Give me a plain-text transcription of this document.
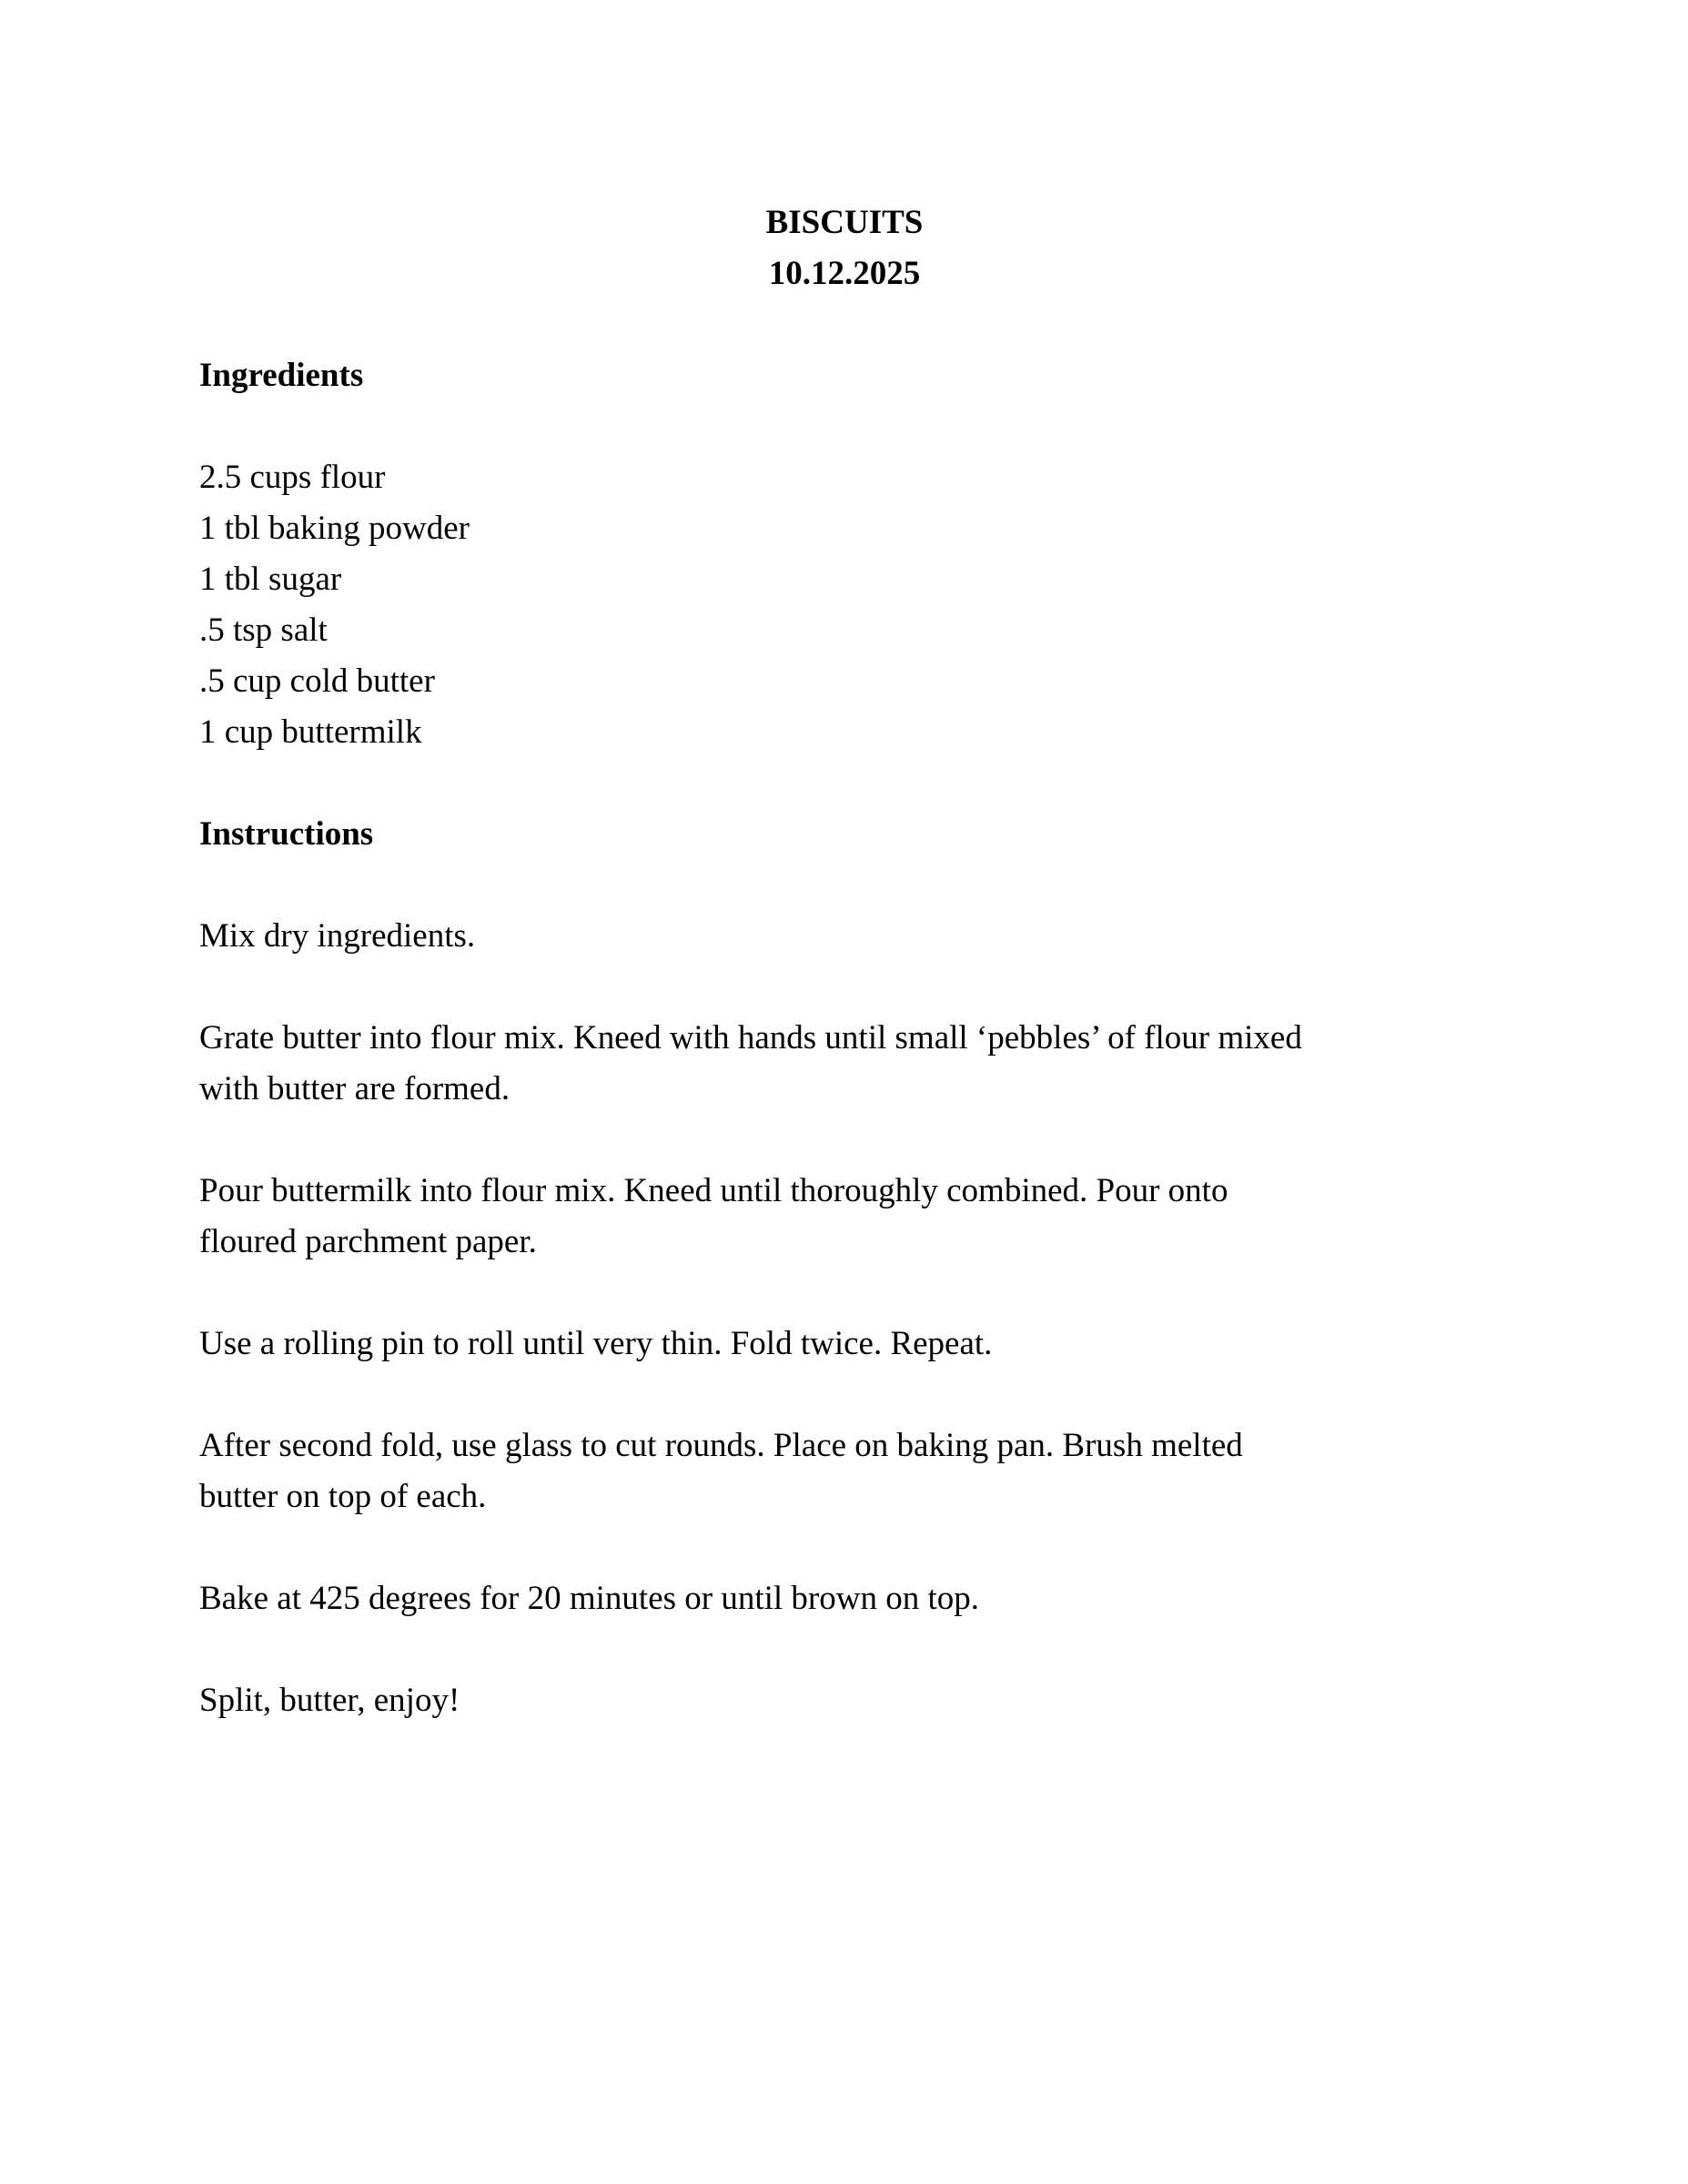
BISCUITS
10.12.2025
Ingredients
2.5 cups flour
1 tbl baking powder
1 tbl sugar
.5 tsp salt
.5 cup cold butter
1 cup buttermilk
Instructions
Mix dry ingredients.
Grate butter into flour mix. Kneed with hands until small ‘pebbles’ of flour mixed
with butter are formed.
Pour buttermilk into flour mix. Kneed until thoroughly combined. Pour onto
floured parchment paper.
Use a rolling pin to roll until very thin. Fold twice. Repeat.
After second fold, use glass to cut rounds. Place on baking pan. Brush melted
butter on top of each.
Bake at 425 degrees for 20 minutes or until brown on top.
Split, butter, enjoy!
